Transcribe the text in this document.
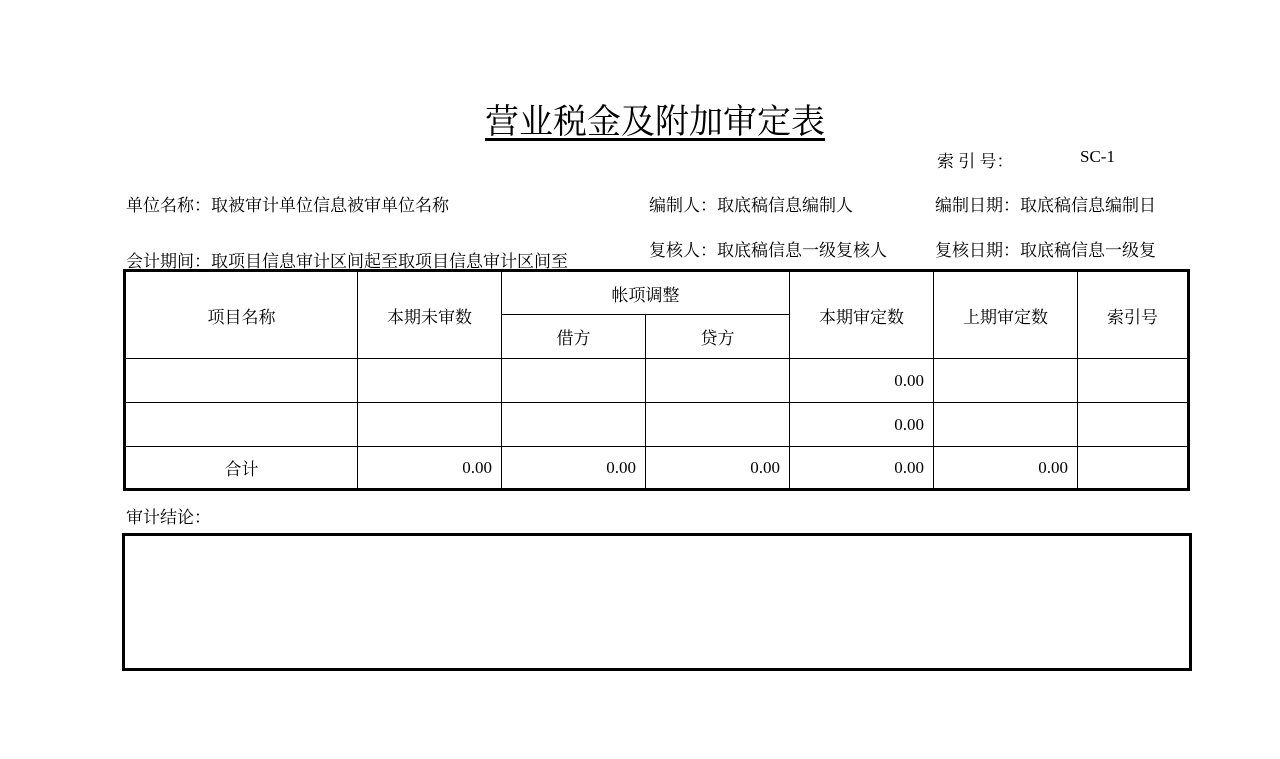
营业税金及附加审定表
索 引 号：	SC-1
单位名称：取被审计单位信息被审单位名称	编制人：取底稿信息编制人	编制日期：取底稿信息编制日
会计期间：取项目信息审计区间起至取项目信息审计区间至
复核人：取底稿信息一级复核人	复核日期：取底稿信息一级复
项目名称	本期未审数	帐项调整		本期审定数	上期审定数	索引号
		借方	贷方			
				0.00		
				0.00		
合计	0.00	0.00	0.00	0.00	0.00	
审计结论：
